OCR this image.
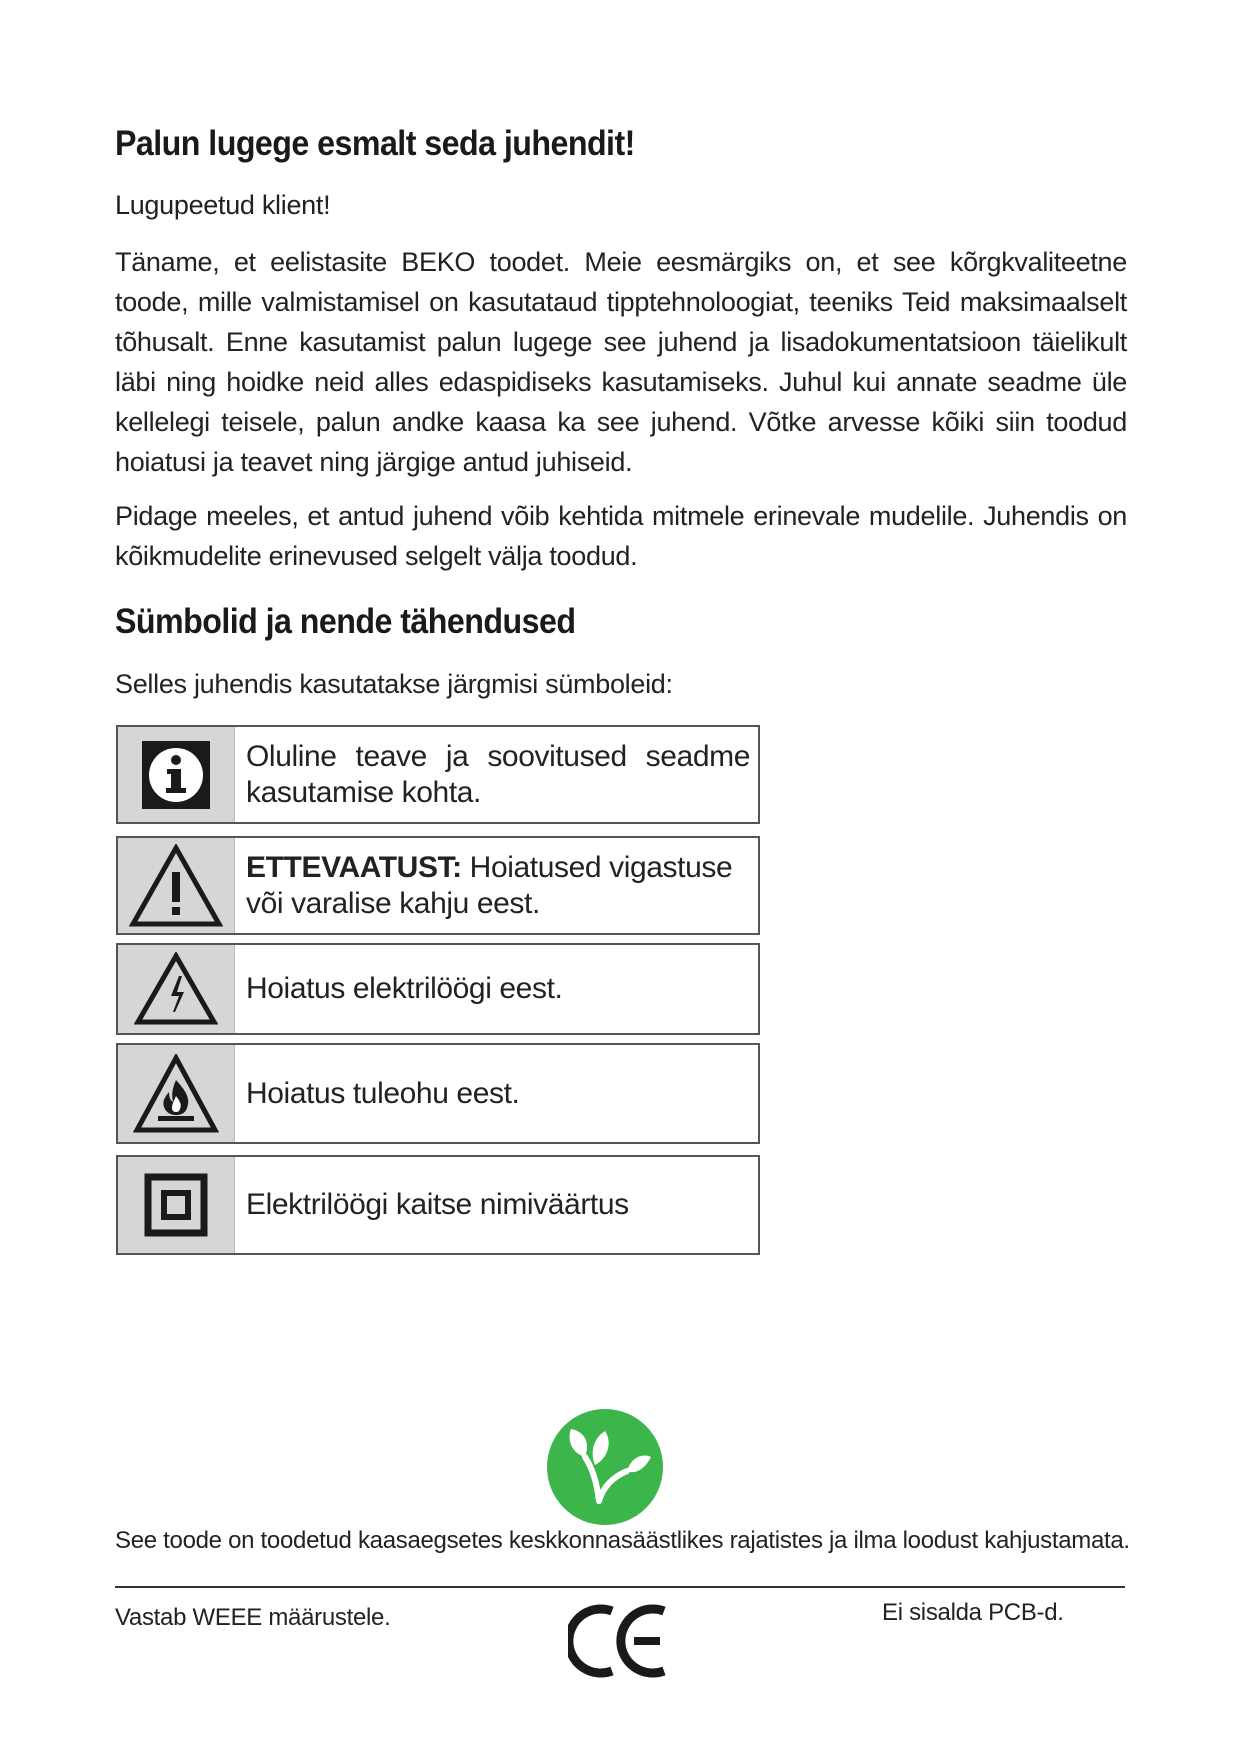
Palun lugege esmalt seda juhendit!

Lugupeetud klient!

Täname, et eelistasite BEKO toodet. Meie eesmärgiks on, et see kõrgkvaliteetne toode, mille valmistamisel on kasutataud tipptehnoloogiat, teeniks Teid maksimaalselt tõhusalt. Enne kasutamist palun lugege see juhend ja lisadokumentatsioon täielikult läbi ning hoidke neid alles edaspidiseks kasutamiseks. Juhul kui annate seadme üle kellelegi teisele, palun andke kaasa ka see juhend. Võtke arvesse kõiki siin toodud hoiatusi ja teavet ning järgige antud juhiseid.

Pidage meeles, et antud juhend võib kehtida mitmele erinevale mudelile. Juhendis on kõikmudelite erinevused selgelt välja toodud.

Sümbolid ja nende tähendused

Selles juhendis kasutatakse järgmisi sümboleid:

Oluline teave ja soovitused seadme kasutamise kohta.
ETTEVAATUST: Hoiatused vigastuse või varalise kahju eest.
Hoiatus elektrilöögi eest.
Hoiatus tuleohu eest.
Elektrilöögi kaitse nimiväärtus

See toode on toodetud kaasaegsetes keskkonnasäästlikes rajatistes ja ilma loodust kahjustamata.

Vastab WEEE määrustele.	Ei sisalda PCB-d.
